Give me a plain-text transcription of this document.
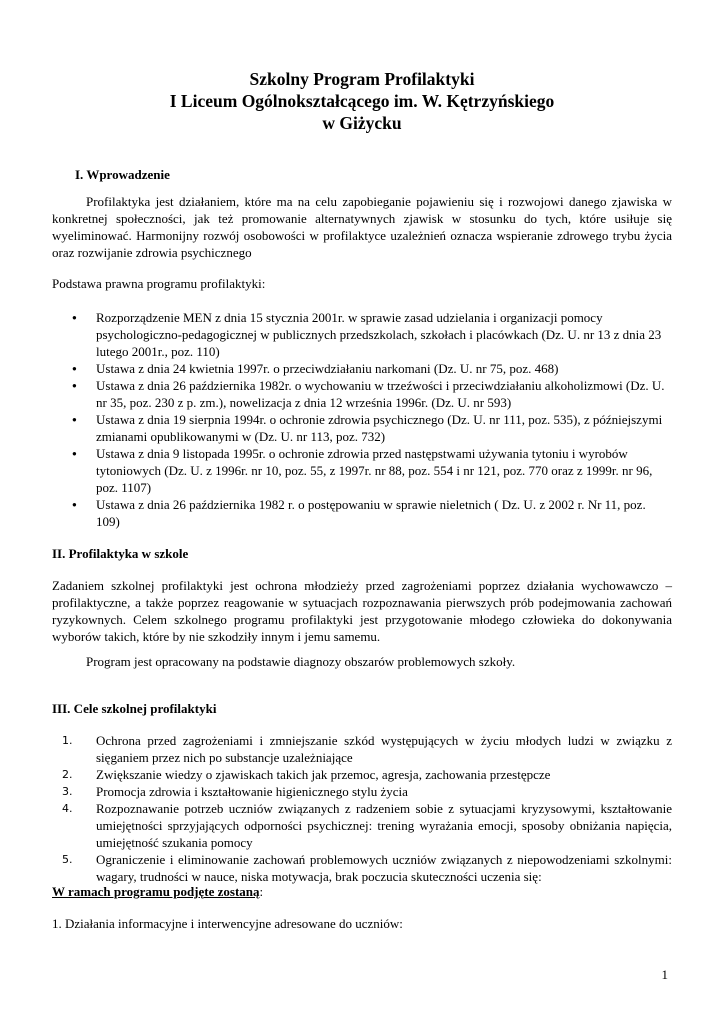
Szkolny Program Profilaktyki
I Liceum Ogólnokształcącego im. W. Kętrzyńskiego
w Giżycku
I. Wprowadzenie
Profilaktyka jest działaniem, które ma na celu zapobieganie pojawieniu się i rozwojowi danego zjawiska w konkretnej społeczności, jak też promowanie alternatywnych zjawisk w stosunku do tych, które usiłuje się wyeliminować. Harmonijny rozwój osobowości w profilaktyce uzależnień oznacza wspieranie zdrowego trybu życia oraz rozwijanie zdrowia psychicznego
Podstawa prawna programu profilaktyki:
● Rozporządzenie MEN z dnia 15 stycznia 2001r. w sprawie zasad udzielania i organizacji pomocy psychologiczno-pedagogicznej w publicznych przedszkolach, szkołach i placówkach (Dz. U. nr 13 z dnia 23 lutego 2001r., poz. 110)
● Ustawa z dnia 24 kwietnia 1997r. o przeciwdziałaniu narkomani (Dz. U. nr 75, poz. 468)
● Ustawa z dnia 26 października 1982r. o wychowaniu w trzeźwości i przeciwdziałaniu alkoholizmowi (Dz. U. nr 35, poz. 230 z p. zm.), nowelizacja z dnia 12 września 1996r. (Dz. U. nr 593)
● Ustawa z dnia 19 sierpnia 1994r. o ochronie zdrowia psychicznego (Dz. U. nr 111, poz. 535), z późniejszymi zmianami opublikowanymi w (Dz. U. nr 113, poz. 732)
● Ustawa z dnia 9 listopada 1995r. o ochronie zdrowia przed następstwami używania tytoniu i wyrobów tytoniowych (Dz. U. z 1996r. nr 10, poz. 55, z 1997r. nr 88, poz. 554 i nr 121, poz. 770 oraz z 1999r. nr 96, poz. 1107)
● Ustawa z dnia 26 października 1982 r. o postępowaniu w sprawie nieletnich ( Dz. U. z 2002 r. Nr 11, poz. 109)
II. Profilaktyka w szkole
Zadaniem szkolnej profilaktyki jest ochrona młodzieży przed zagrożeniami poprzez działania wychowawczo – profilaktyczne, a także poprzez reagowanie w sytuacjach rozpoznawania pierwszych prób podejmowania zachowań ryzykownych. Celem szkolnego programu profilaktyki jest przygotowanie młodego człowieka do dokonywania wyborów takich, które by nie szkodziły innym i jemu samemu.
Program jest opracowany na podstawie diagnozy obszarów problemowych szkoły.
III. Cele szkolnej profilaktyki
1. Ochrona przed zagrożeniami i zmniejszanie szkód występujących w życiu młodych ludzi w związku z sięganiem przez nich po substancje uzależniające
2. Zwiększanie wiedzy o zjawiskach takich jak przemoc, agresja, zachowania przestępcze
3. Promocja zdrowia i kształtowanie higienicznego stylu życia
4. Rozpoznawanie potrzeb uczniów związanych z radzeniem sobie z sytuacjami kryzysowymi, kształtowanie umiejętności sprzyjających odporności psychicznej: trening wyrażania emocji, sposoby obniżania napięcia, umiejętność szukania pomocy
5. Ograniczenie i eliminowanie zachowań problemowych uczniów związanych z niepowodzeniami szkolnymi: wagary, trudności w nauce, niska motywacja, brak poczucia skuteczności uczenia się:
W ramach programu podjęte zostaną:
1. Działania informacyjne i interwencyjne adresowane do uczniów:
1
